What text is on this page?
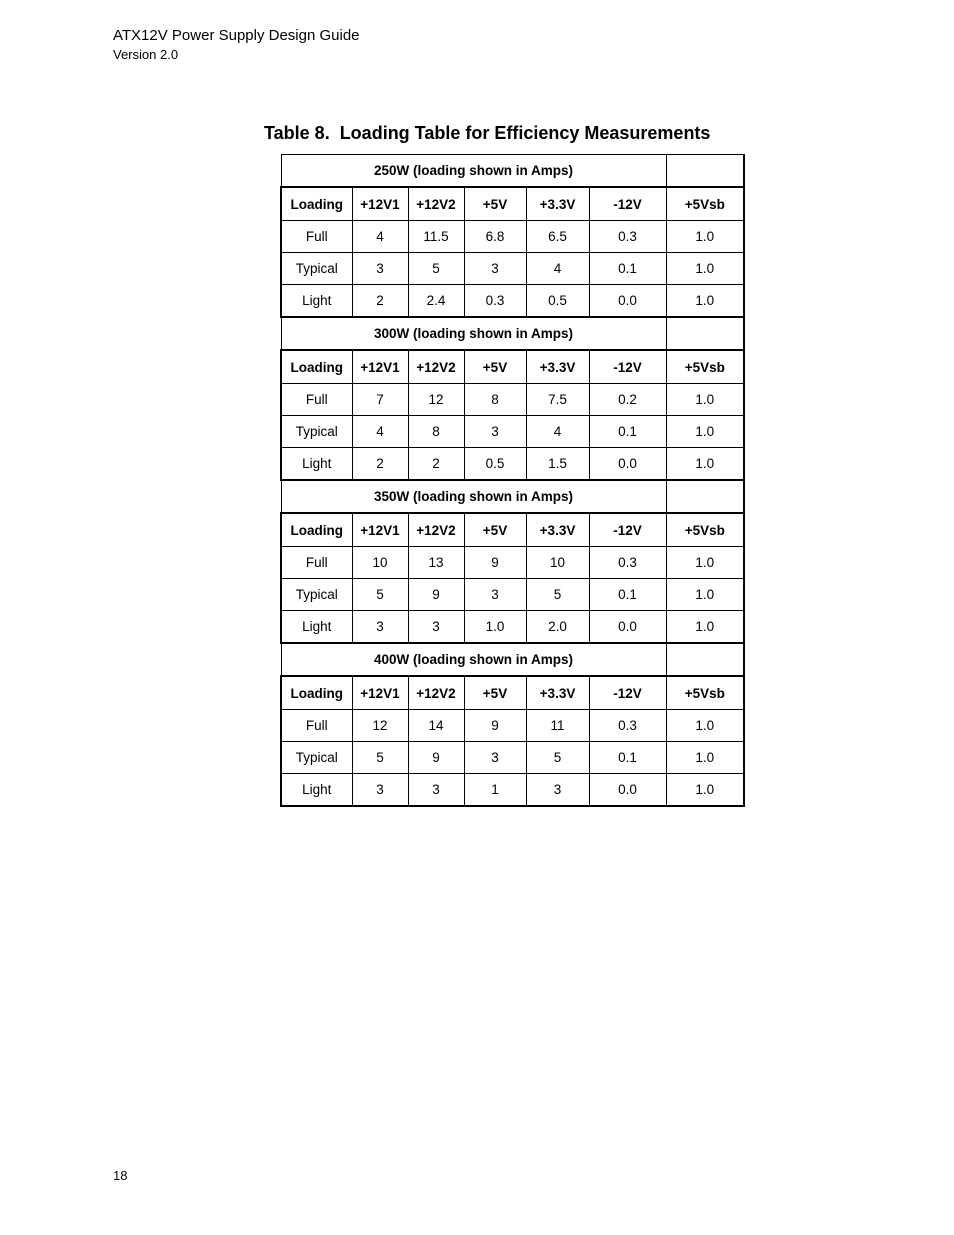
ATX12V Power Supply Design Guide
Version 2.0
Table 8.  Loading Table for Efficiency Measurements
250W (loading shown in Amps)						
Loading	+12V1	+12V2	+5V	+3.3V	-12V	+5Vsb
Full	4	11.5	6.8	6.5	0.3	1.0
Typical	3	5	3	4	0.1	1.0
Light	2	2.4	0.3	0.5	0.0	1.0
300W (loading shown in Amps)						
Loading	+12V1	+12V2	+5V	+3.3V	-12V	+5Vsb
Full	7	12	8	7.5	0.2	1.0
Typical	4	8	3	4	0.1	1.0
Light	2	2	0.5	1.5	0.0	1.0
350W (loading shown in Amps)						
Loading	+12V1	+12V2	+5V	+3.3V	-12V	+5Vsb
Full	10	13	9	10	0.3	1.0
Typical	5	9	3	5	0.1	1.0
Light	3	3	1.0	2.0	0.0	1.0
400W (loading shown in Amps)						
Loading	+12V1	+12V2	+5V	+3.3V	-12V	+5Vsb
Full	12	14	9	11	0.3	1.0
Typical	5	9	3	5	0.1	1.0
Light	3	3	1	3	0.0	1.0
18
